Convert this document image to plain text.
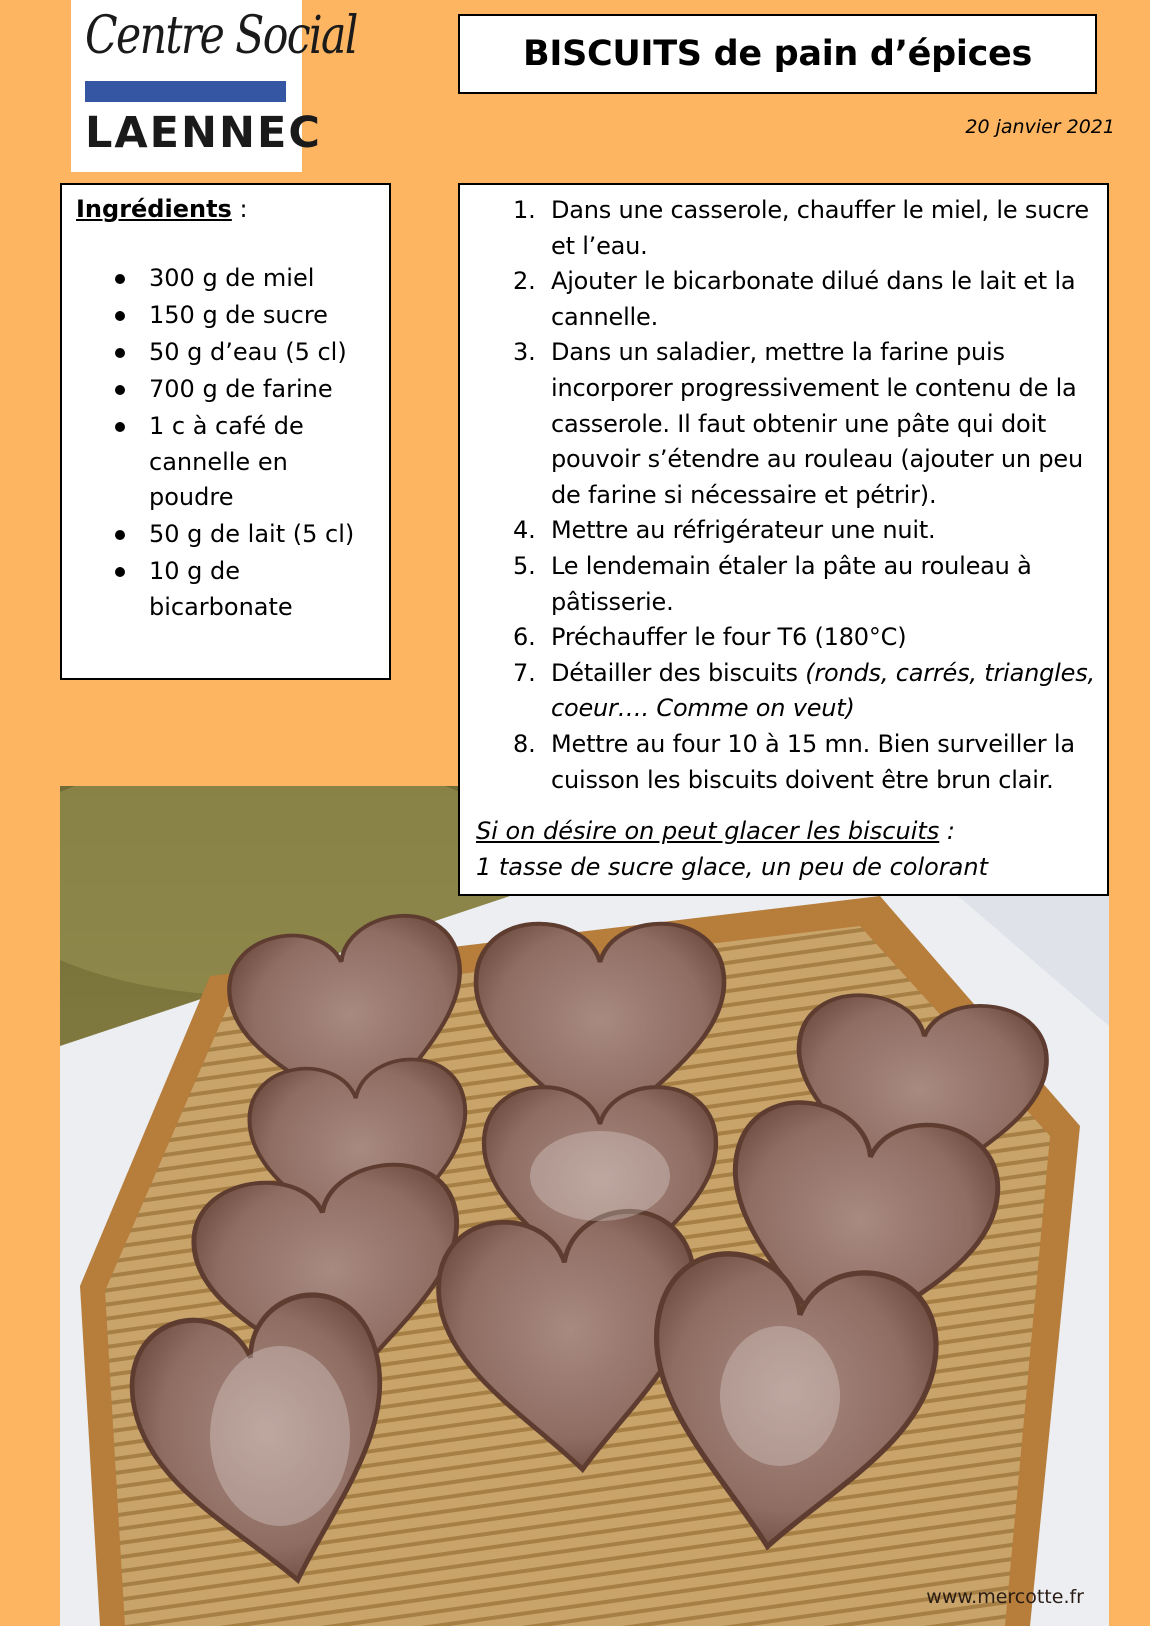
Centre Social
LAENNEC
BISCUITS de pain d’épices
20 janvier 2021
Ingrédients :
300 g de miel
150 g de sucre
50 g d’eau (5 cl)
700 g de farine
1 c à café de cannelle en poudre
50 g de lait (5 cl)
10 g de bicarbonate
www.mercotte.fr
1. Dans une casserole, chauffer le miel, le sucre et l’eau.
2. Ajouter le bicarbonate dilué dans le lait et la cannelle.
3. Dans un saladier, mettre la farine puis incorporer progressivement le contenu de la casserole. Il faut obtenir une pâte qui doit pouvoir s’étendre au rouleau (ajouter un peu de farine si nécessaire et pétrir).
4. Mettre au réfrigérateur une nuit.
5. Le lendemain étaler la pâte au rouleau à pâtisserie.
6. Préchauffer le four T6 (180°C)
7. Détailler des biscuits (ronds, carrés, triangles, coeur…. Comme on veut)
8. Mettre au four 10 à 15 mn. Bien surveiller la cuisson les biscuits doivent être brun clair.
Si on désire on peut glacer les biscuits :
1 tasse de sucre glace, un peu de colorant
